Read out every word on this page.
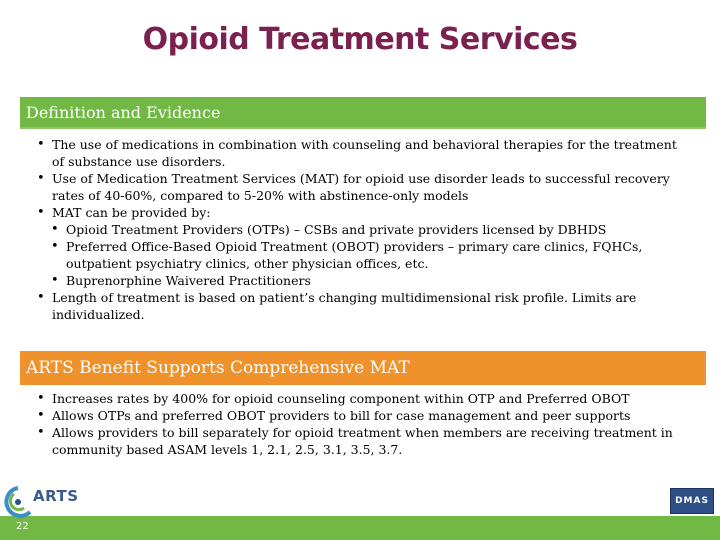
Opioid Treatment Services
Definition and Evidence
• The use of medications in combination with counseling and behavioral therapies for the treatment of substance use disorders.
• Use of Medication Treatment Services (MAT) for opioid use disorder leads to successful recovery rates of 40-60%, compared to 5-20% with abstinence-only models
• MAT can be provided by:
• Opioid Treatment Providers (OTPs) – CSBs and private providers licensed by DBHDS
• Preferred Office-Based Opioid Treatment (OBOT) providers – primary care clinics, FQHCs, outpatient psychiatry clinics, other physician offices, etc.
• Buprenorphine Waivered Practitioners
• Length of treatment is based on patient’s changing multidimensional risk profile. Limits are individualized.
ARTS Benefit Supports Comprehensive MAT
• Increases rates by 400% for opioid counseling component within OTP and Preferred OBOT
• Allows OTPs and preferred OBOT providers to bill for case management and peer supports
• Allows providers to bill separately for opioid treatment when members are receiving treatment in community based ASAM levels 1, 2.1, 2.5, 3.1, 3.5, 3.7.
22
ARTS	DMAS
